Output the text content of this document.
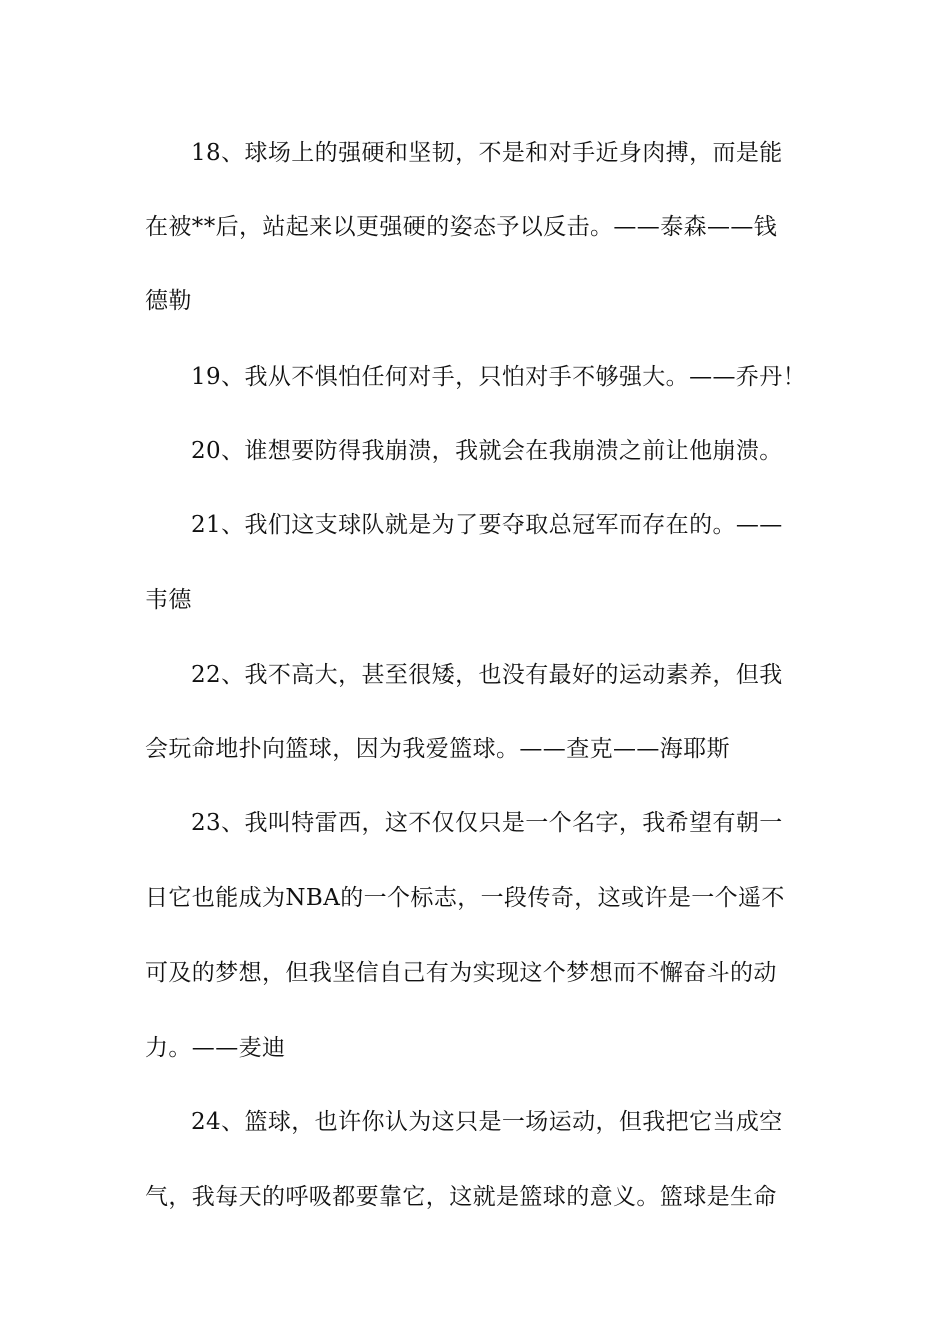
18、球场上的强硬和坚韧，不是和对手近身肉搏，而是能
在被**后，站起来以更强硬的姿态予以反击。——泰森——钱
德勒
19、我从不惧怕任何对手，只怕对手不够强大。——乔丹！
20、谁想要防得我崩溃，我就会在我崩溃之前让他崩溃。
21、我们这支球队就是为了要夺取总冠军而存在的。——
韦德
22、我不高大，甚至很矮，也没有最好的运动素养，但我
会玩命地扑向篮球，因为我爱篮球。——查克——海耶斯
23、我叫特雷西，这不仅仅只是一个名字，我希望有朝一
日它也能成为NBA的一个标志，一段传奇，这或许是一个遥不
可及的梦想，但我坚信自己有为实现这个梦想而不懈奋斗的动
力。——麦迪
24、篮球，也许你认为这只是一场运动，但我把它当成空
气，我每天的呼吸都要靠它，这就是篮球的意义。篮球是生命
